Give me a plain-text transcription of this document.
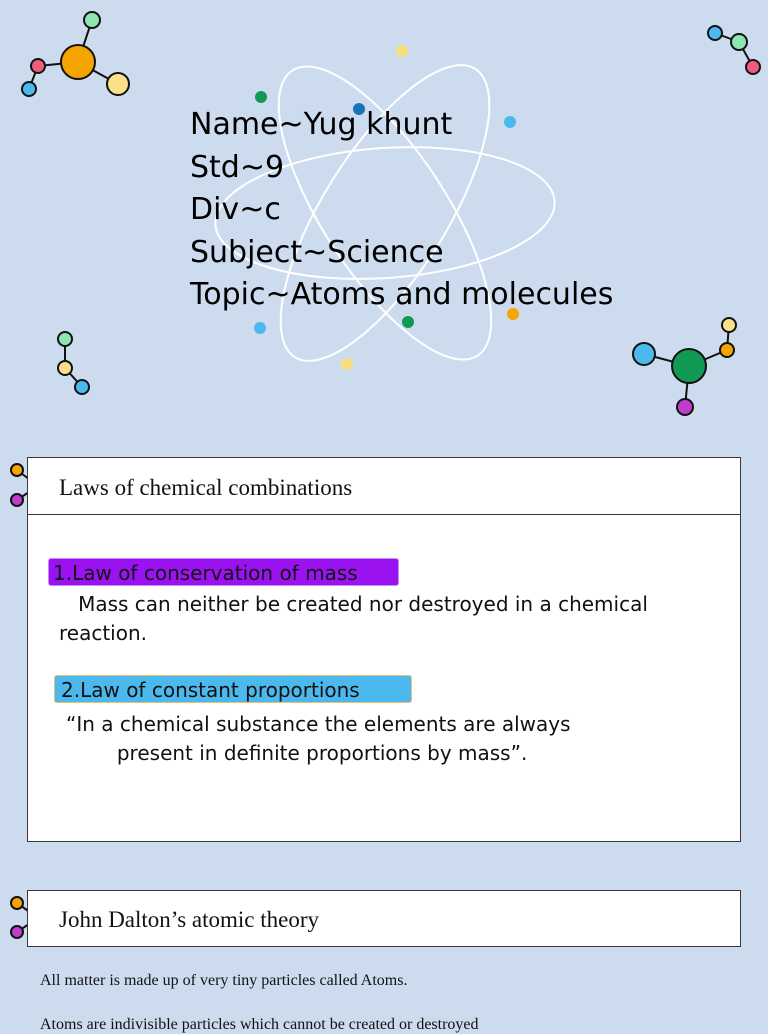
Name~Yug khunt
Std~9
Div~c
Subject~Science
Topic~Atoms and molecules
Laws of chemical combinations
1.Law of conservation of mass
Mass can neither be created nor destroyed in a chemical
reaction.
2.Law of constant proportions
“In a chemical substance the elements are always
present in definite proportions by mass”.
John Dalton’s atomic theory
All matter is made up of very tiny particles called Atoms.
Atoms are indivisible particles which cannot be created or destroyed
